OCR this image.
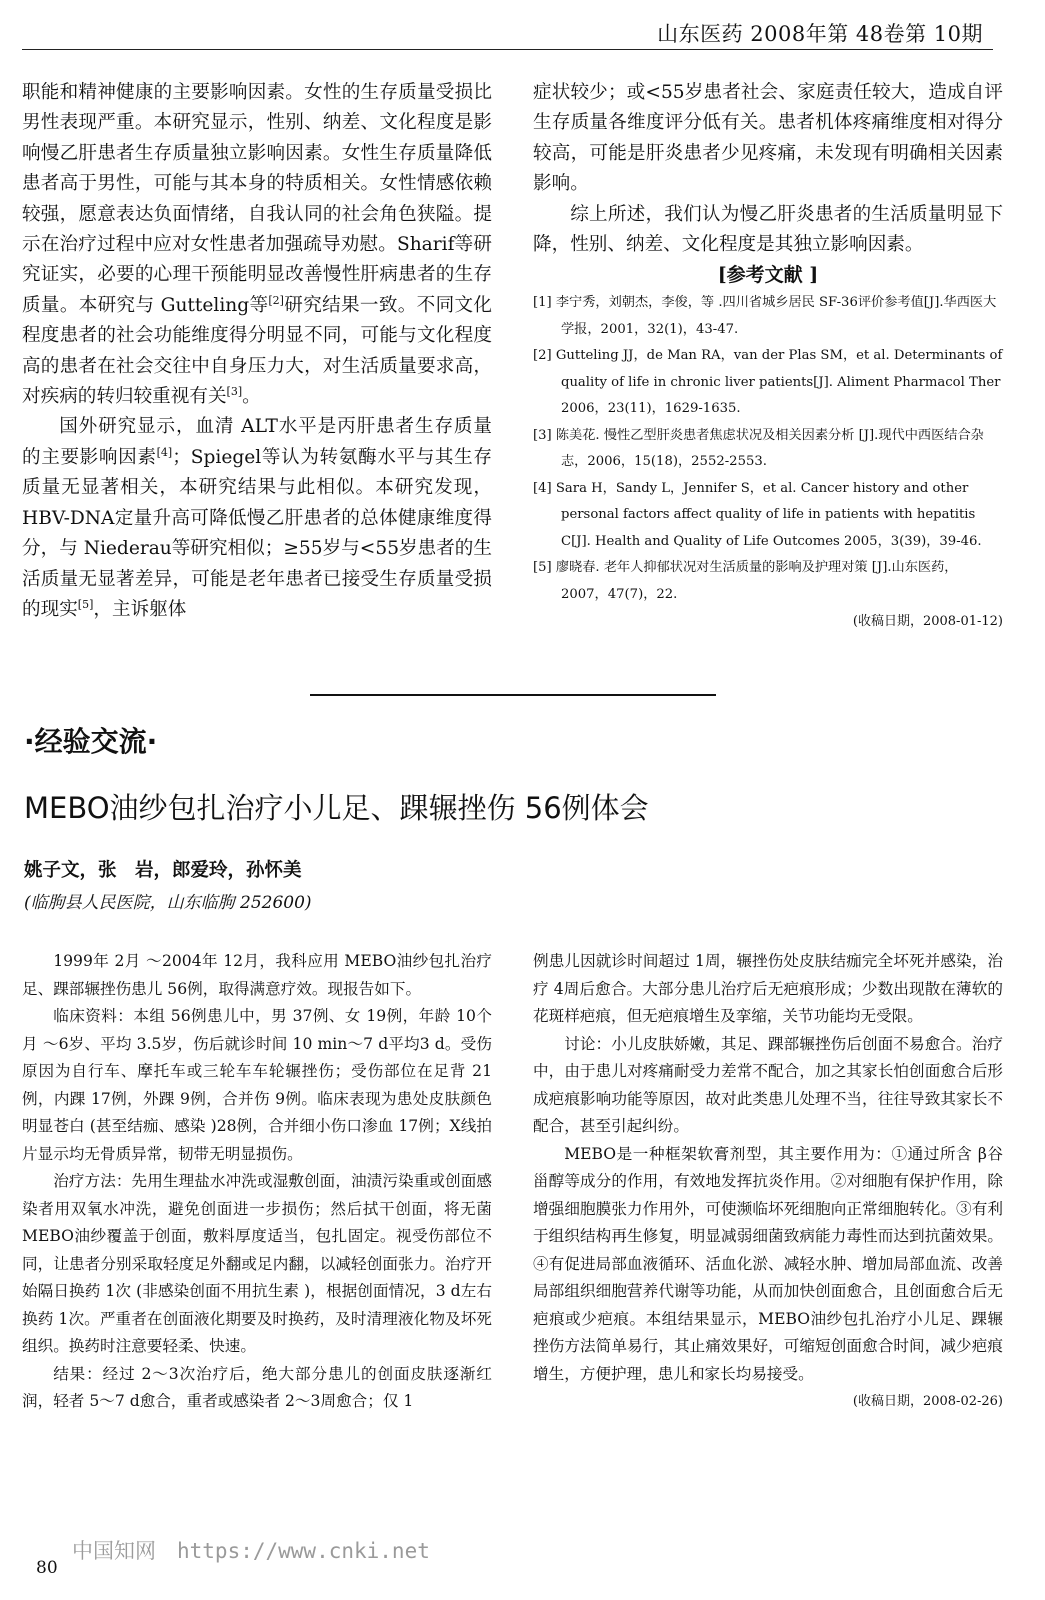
山东医药 2008年第 48卷第 10期

职能和精神健康的主要影响因素。女性的生存质量受损比男性表现严重。本研究显示，性别、纳差、文化程度是影响慢乙肝患者生存质量独立影响因素。女性生存质量降低患者高于男性，可能与其本身的特质相关。女性情感依赖较强，愿意表达负面情绪，自我认同的社会角色狭隘。提示在治疗过程中应对女性患者加强疏导劝慰。Sharif等研究证实，必要的心理干预能明显改善慢性肝病患者的生存质量。本研究与 Gutteling等[2]研究结果一致。不同文化程度患者的社会功能维度得分明显不同，可能与文化程度高的患者在社会交往中自身压力大，对生活质量要求高，对疾病的转归较重视有关[3]。

国外研究显示，血清 ALT水平是丙肝患者生存质量的主要影响因素[4]；Spiegel等认为转氨酶水平与其生存质量无显著相关，本研究结果与此相似。本研究发现，HBV-DNA定量升高可降低慢乙肝患者的总体健康维度得分，与 Niederau等研究相似；≥55岁与<55岁患者的生活质量无显著差异，可能是老年患者已接受生存质量受损的现实[5]，主诉躯体

症状较少；或<55岁患者社会、家庭责任较大，造成自评生存质量各维度评分低有关。患者机体疼痛维度相对得分较高，可能是肝炎患者少见疼痛，未发现有明确相关因素影响。

综上所述，我们认为慢乙肝炎患者的生活质量明显下降，性别、纳差、文化程度是其独立影响因素。

[参考文献 ]

[1] 李宁秀，刘朝杰，李俊，等 .四川省城乡居民 SF-36评价参考值[J].华西医大学报，2001，32(1)，43-47.

[2] Gutteling JJ，de Man RA，van der Plas SM，et al. Determinants of quality of life in chronic liver patients[J]. Aliment Pharmacol Ther 2006，23(11)，1629-1635.

[3] 陈美花. 慢性乙型肝炎患者焦虑状况及相关因素分析 [J].现代中西医结合杂志，2006，15(18)，2552-2553.

[4] Sara H，Sandy L，Jennifer S，et al. Cancer history and other personal factors affect quality of life in patients with hepatitis C[J]. Health and Quality of Life Outcomes 2005，3(39)，39-46.

[5] 廖晓春. 老年人抑郁状况对生活质量的影响及护理对策 [J].山东医药，2007，47(7)，22.

(收稿日期，2008-01-12)
·经验交流·
MEBO油纱包扎治疗小儿足、踝辗挫伤 56例体会
姚子文，张　岩，郎爱玲，孙怀美
(临朐县人民医院，山东临朐 252600)

1999年 2月 ～2004年 12月，我科应用 MEBO油纱包扎治疗足、踝部辗挫伤患儿 56例，取得满意疗效。现报告如下。

临床资料：本组 56例患儿中，男 37例、女 19例，年龄 10个月 ～6岁、平均 3.5岁，伤后就诊时间 10 min～7 d平均3 d。受伤原因为自行车、摩托车或三轮车车轮辗挫伤；受伤部位在足背 21例，内踝 17例，外踝 9例，合并伤 9例。临床表现为患处皮肤颜色明显苍白 (甚至结痂、感染 )28例，合并细小伤口渗血 17例；X线拍片显示均无骨质异常，韧带无明显损伤。

治疗方法：先用生理盐水冲洗或湿敷创面，油渍污染重或创面感染者用双氧水冲洗，避免创面进一步损伤；然后拭干创面，将无菌 MEBO油纱覆盖于创面，敷料厚度适当，包扎固定。视受伤部位不同，让患者分别采取轻度足外翻或足内翻，以减轻创面张力。治疗开始隔日换药 1次 (非感染创面不用抗生素 )，根据创面情况，3 d左右换药 1次。严重者在创面液化期要及时换药，及时清理液化物及坏死组织。换药时注意要轻柔、快速。

结果：经过 2～3次治疗后，绝大部分患儿的创面皮肤逐渐红润，轻者 5～7 d愈合，重者或感染者 2～3周愈合；仅 1

例患儿因就诊时间超过 1周，辗挫伤处皮肤结痂完全坏死并感染，治疗 4周后愈合。大部分患儿治疗后无疤痕形成；少数出现散在薄软的花斑样疤痕，但无疤痕增生及挛缩，关节功能均无受限。

讨论：小儿皮肤娇嫩，其足、踝部辗挫伤后创面不易愈合。治疗中，由于患儿对疼痛耐受力差常不配合，加之其家长怕创面愈合后形成疤痕影响功能等原因，故对此类患儿处理不当，往往导致其家长不配合，甚至引起纠纷。

MEBO是一种框架软膏剂型，其主要作用为：①通过所含 β谷甾醇等成分的作用，有效地发挥抗炎作用。②对细胞有保护作用，除增强细胞膜张力作用外，可使濒临坏死细胞向正常细胞转化。③有利于组织结构再生修复，明显减弱细菌致病能力毒性而达到抗菌效果。④有促进局部血液循环、活血化淤、减轻水肿、增加局部血流、改善局部组织细胞营养代谢等功能，从而加快创面愈合，且创面愈合后无疤痕或少疤痕。本组结果显示，MEBO油纱包扎治疗小儿足、踝辗挫伤方法简单易行，其止痛效果好，可缩短创面愈合时间，减少疤痕增生，方便护理，患儿和家长均易接受。

(收稿日期，2008-02-26)
中国知网　https://www.cnki.net
80
